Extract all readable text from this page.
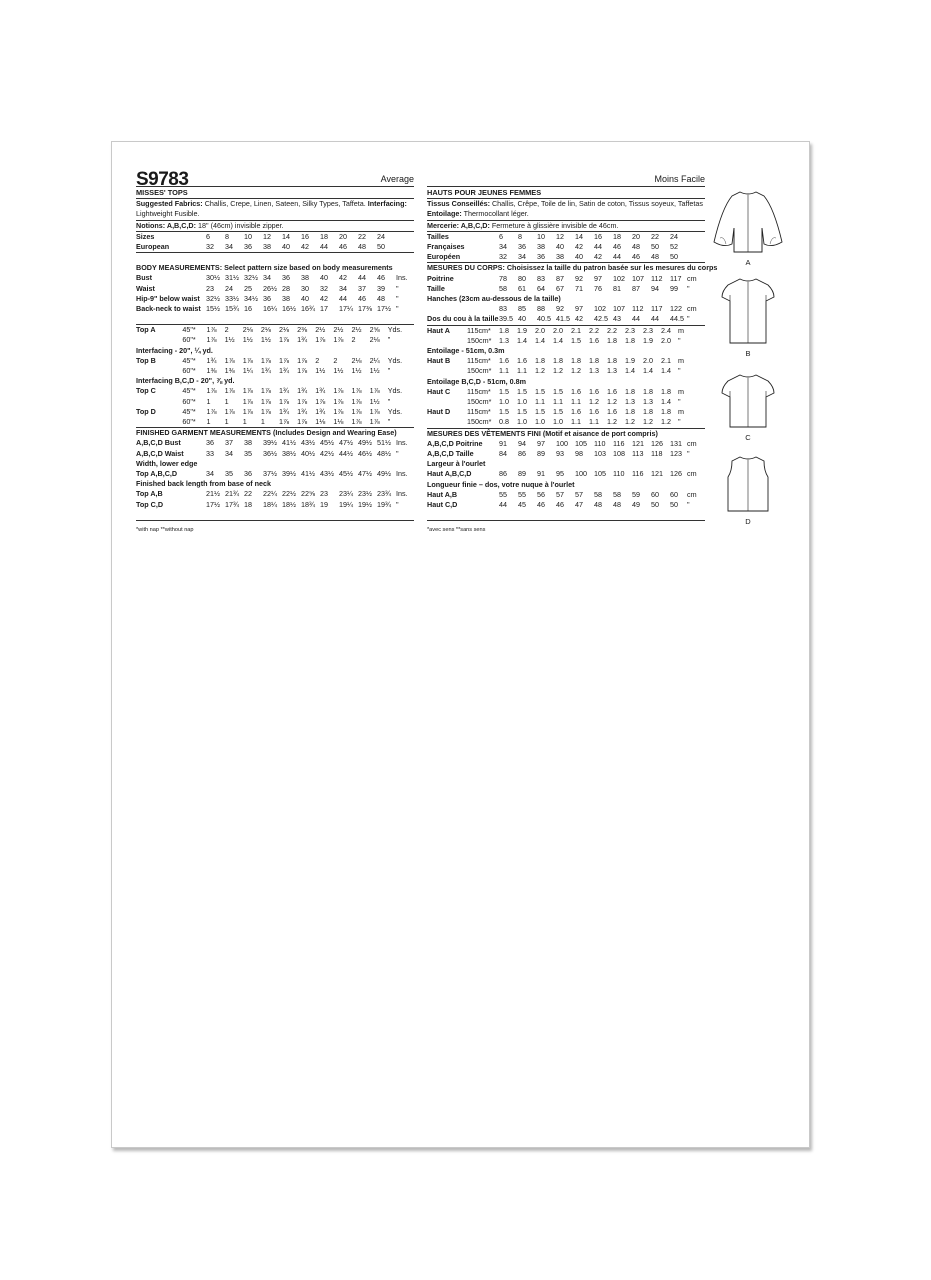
S9783	Average
MISSES' TOPS
Suggested Fabrics: Challis, Crepe, Linen, Sateen, Silky Types, Taffeta. Interfacing: Lightweight Fusible.
Notions: A,B,C,D: 18" (46cm) invisible zipper.
Sizes	6	8	10	12	14	16	18	20	22	24	
European	32	34	36	38	40	42	44	46	48	50	
BODY MEASUREMENTS: Select pattern size based on body measurements
Bust		30½	31½	32½	34	36	38	40	42	44	46	Ins.
Waist		23	24	25	26½	28	30	32	34	37	39	"
Hip-9" below waist		32½	33½	34½	36	38	40	42	44	46	48	"
Back-neck to waist		15½	15¾	16	16¼	16½	16¾	17	17¼	17⅜	17½	"
Top A	45"*	1⅞	2	2⅛	2⅛	2⅛	2⅜	2½	2½	2½	2⅝	Yds.
	60"*	1⅞	1½	1½	1½	1⅞	1¾	1⅞	1⅞	2	2⅛	"
Interfacing - 20", ¼ yd.												
Top B	45"*	1¾	1⅞	1⅞	1⅞	1⅞	1⅞	2	2	2⅛	2¼	Yds.
	60"*	1⅜	1⅜	1¼	1¾	1¾	1⅞	1½	1½	1½	1½	"
Interfacing B,C,D - 20", ⅞ yd.												
Top C	45"*	1⅞	1⅞	1⅞	1⅞	1¾	1¾	1¾	1⅞	1⅞	1⅞	Yds.
	60"*	1	1	1⅞	1⅞	1⅞	1⅞	1⅞	1⅞	1⅞	1½	"
Top D	45"*	1⅞	1⅞	1⅞	1⅞	1¾	1¾	1¾	1⅞	1⅞	1⅞	Yds.
	60"*	1	1	1	1	1⅞	1⅞	1⅛	1⅛	1⅞	1⅞	"
FINISHED GARMENT MEASUREMENTS (Includes Design and Wearing Ease)
A,B,C,D Bust	36	37	38	39½	41½	43½	45½	47½	49½	51½	Ins.
A,B,C,D Waist	33	34	35	36½	38½	40½	42½	44½	46½	48½	"
Width, lower edge											
Top A,B,C,D	34	35	36	37½	39½	41½	43½	45½	47½	49½	Ins.
Finished back length from base of neck											
Top A,B	21½	21¾	22	22¼	22½	22⅝	23	23¼	23½	23¾	Ins.
Top C,D	17½	17¾	18	18¼	18½	18¾	19	19¼	19½	19¾	"
*with nap **without nap
Moins Facile
HAUTS POUR JEUNES FEMMES
Tissus Conseillés: Challis, Crêpe, Toile de lin, Satin de coton, Tissus soyeux, Taffetas
Entoilage: Thermocollant léger.
Mercerie: A,B,C,D: Fermeture à glissière invisible de 46cm.
Tailles	6	8	10	12	14	16	18	20	22	24	
Françaises	34	36	38	40	42	44	46	48	50	52	
Européen	32	34	36	38	40	42	44	46	48	50	
MESURES DU CORPS: Choisissez la taille du patron basée sur les mesures du corps
Poitrine	78	80	83	87	92	97	102	107	112	117	cm
Taille	58	61	64	67	71	76	81	87	94	99	"
Hanches (23cm au-dessous de la taille)											
	83	85	88	92	97	102	107	112	117	122	cm
Dos du cou à la taille	39.5	40	40.5	41.5	42	42.5	43	44	44	44.5	"
Haut A	115cm*	1.8	1.9	2.0	2.0	2.1	2.2	2.2	2.3	2.3	2.4	m
	150cm*	1.3	1.4	1.4	1.4	1.5	1.6	1.8	1.8	1.9	2.0	"
Entoilage - 51cm, 0.3m												
Haut B	115cm*	1.6	1.6	1.8	1.8	1.8	1.8	1.8	1.9	2.0	2.1	m
	150cm*	1.1	1.1	1.2	1.2	1.2	1.3	1.3	1.4	1.4	1.4	"
Entoilage B,C,D - 51cm, 0.8m												
Haut C	115cm*	1.5	1.5	1.5	1.5	1.6	1.6	1.6	1.8	1.8	1.8	m
	150cm*	1.0	1.0	1.1	1.1	1.1	1.2	1.2	1.3	1.3	1.4	"
Haut D	115cm*	1.5	1.5	1.5	1.5	1.6	1.6	1.6	1.8	1.8	1.8	m
	150cm*	0.8	1.0	1.0	1.0	1.1	1.1	1.2	1.2	1.2	1.2	"
MESURES DES VÊTEMENTS FINI (Motif et aisance de port compris)
A,B,C,D Poitrine	91	94	97	100	105	110	116	121	126	131	cm
A,B,C,D Taille	84	86	89	93	98	103	108	113	118	123	"
Largeur à l'ourlet											
Haut A,B,C,D	86	89	91	95	100	105	110	116	121	126	cm
Longueur finie – dos, votre nuque à l'ourlet											
Haut A,B	55	55	56	57	57	58	58	59	60	60	cm
Haut C,D	44	45	46	46	47	48	48	49	50	50	"
*avec sens **sans sens
A
B
C
D
